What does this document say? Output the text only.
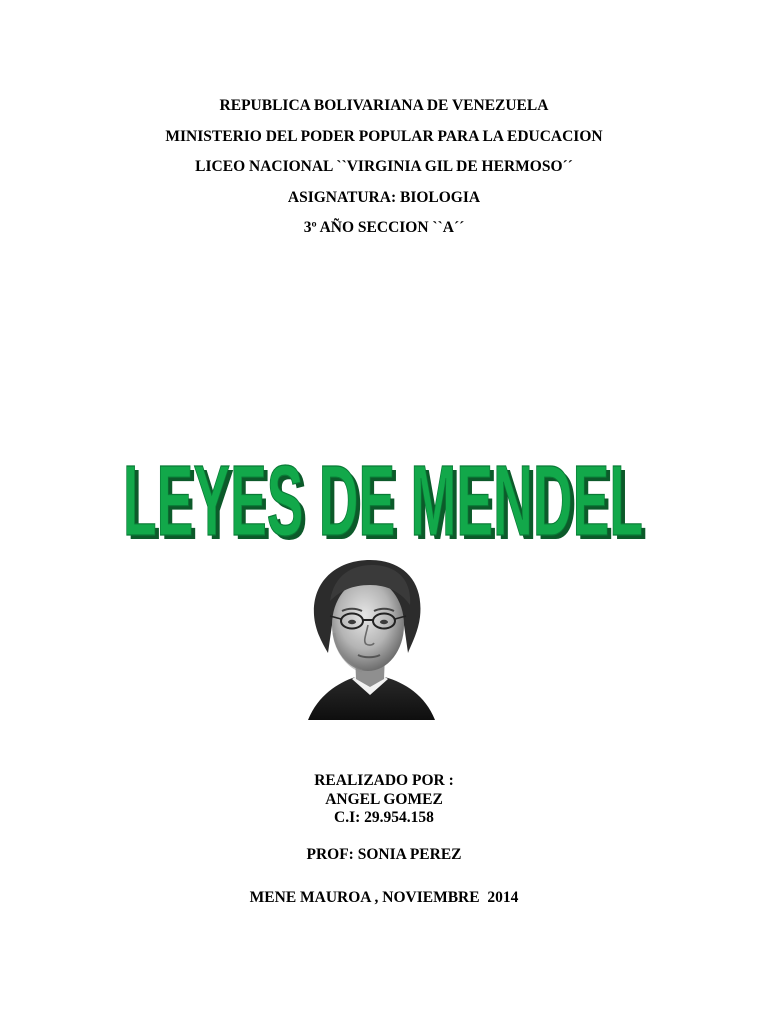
REPUBLICA BOLIVARIANA DE VENEZUELA
MINISTERIO DEL PODER POPULAR PARA LA EDUCACION
LICEO NACIONAL ``VIRGINIA GIL DE HERMOSO´´
ASIGNATURA: BIOLOGIA
3º AÑO SECCION ``A´´
LEYES DE MENDEL
LEYES DE MENDEL
REALIZADO POR :
ANGEL GOMEZ
C.I: 29.954.158
PROF: SONIA PEREZ
MENE MAUROA , NOVIEMBRE  2014
